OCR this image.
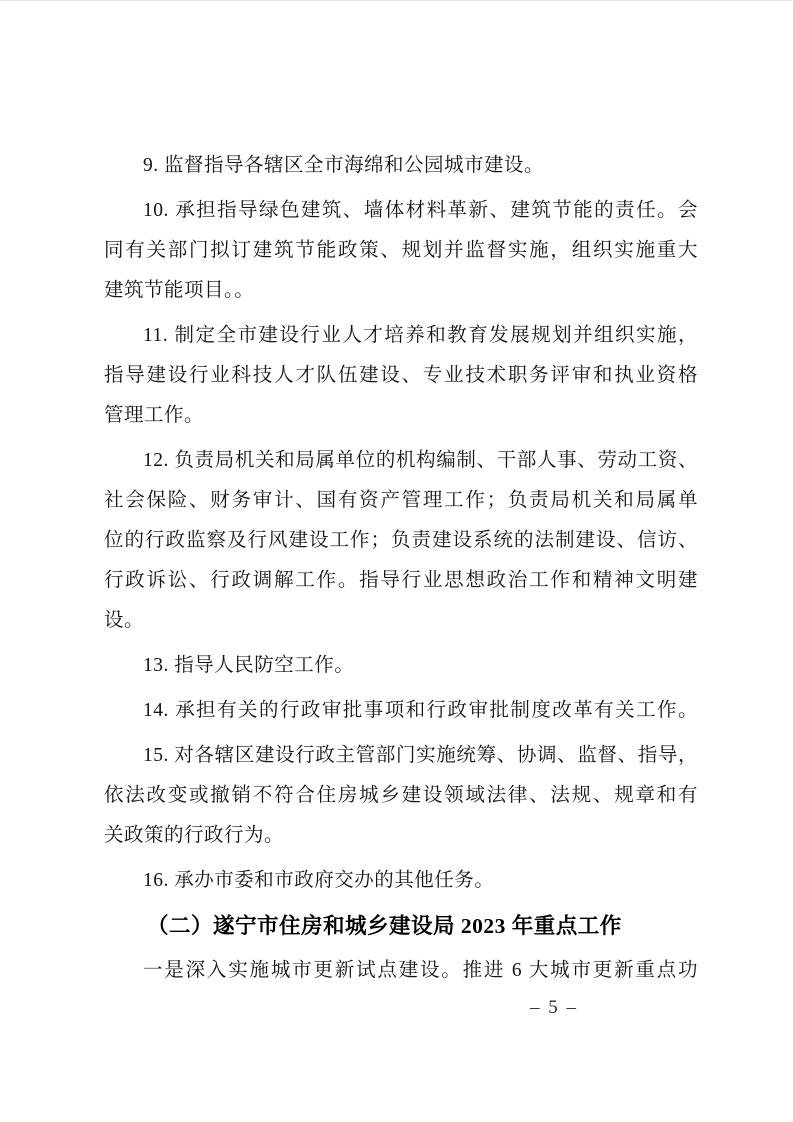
9. 监督指导各辖区全市海绵和公园城市建设。

10. 承担指导绿色建筑、墙体材料革新、建筑节能的责任。会
同有关部门拟订建筑节能政策、规划并监督实施，组织实施重大
建筑节能项目。。

11. 制定全市建设行业人才培养和教育发展规划并组织实施，
指导建设行业科技人才队伍建设、专业技术职务评审和执业资格
管理工作。

12. 负责局机关和局属单位的机构编制、干部人事、劳动工资、
社会保险、财务审计、国有资产管理工作；负责局机关和局属单
位的行政监察及行风建设工作；负责建设系统的法制建设、信访、
行政诉讼、行政调解工作。指导行业思想政治工作和精神文明建
设。

13. 指导人民防空工作。

14. 承担有关的行政审批事项和行政审批制度改革有关工作。

15. 对各辖区建设行政主管部门实施统筹、协调、监督、指导，
依法改变或撤销不符合住房城乡建设领域法律、法规、规章和有
关政策的行政行为。

16. 承办市委和市政府交办的其他任务。

（二）遂宁市住房和城乡建设局 2023 年重点工作

一是深入实施城市更新试点建设。推进 6 大城市更新重点功

– 5 –
